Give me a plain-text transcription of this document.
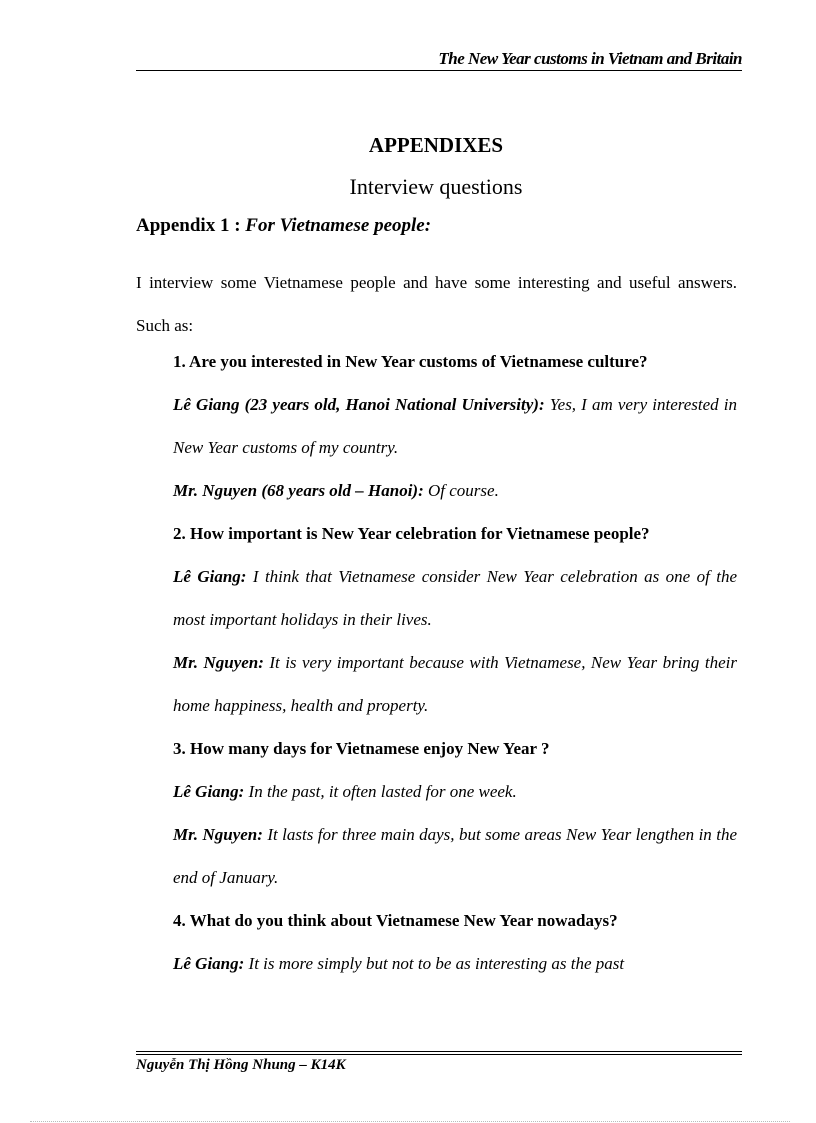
The New Year customs in Vietnam and Britain
APPENDIXES
Interview questions
Appendix 1 : For Vietnamese people:
I interview some Vietnamese people and have some interesting and useful answers. Such as:
1. Are you interested in New Year customs of Vietnamese culture?
Lê Giang (23 years old, Hanoi National University): Yes, I am very interested in New Year customs of my country.
Mr. Nguyen (68 years old – Hanoi): Of course.
2. How important is New Year celebration for Vietnamese people?
Lê Giang: I think that Vietnamese consider New Year celebration as one of the most important holidays in their lives.
Mr. Nguyen: It is very important because with Vietnamese, New Year bring their home happiness, health and property.
3. How many days for Vietnamese enjoy New Year ?
Lê Giang: In the past, it often lasted for one week.
Mr. Nguyen: It lasts for three main days, but some areas New Year lengthen in the end of January.
4. What do you think about Vietnamese New Year nowadays?
Lê Giang: It is more simply but not to be as interesting as the past
Nguyễn Thị Hồng Nhung – K14K
